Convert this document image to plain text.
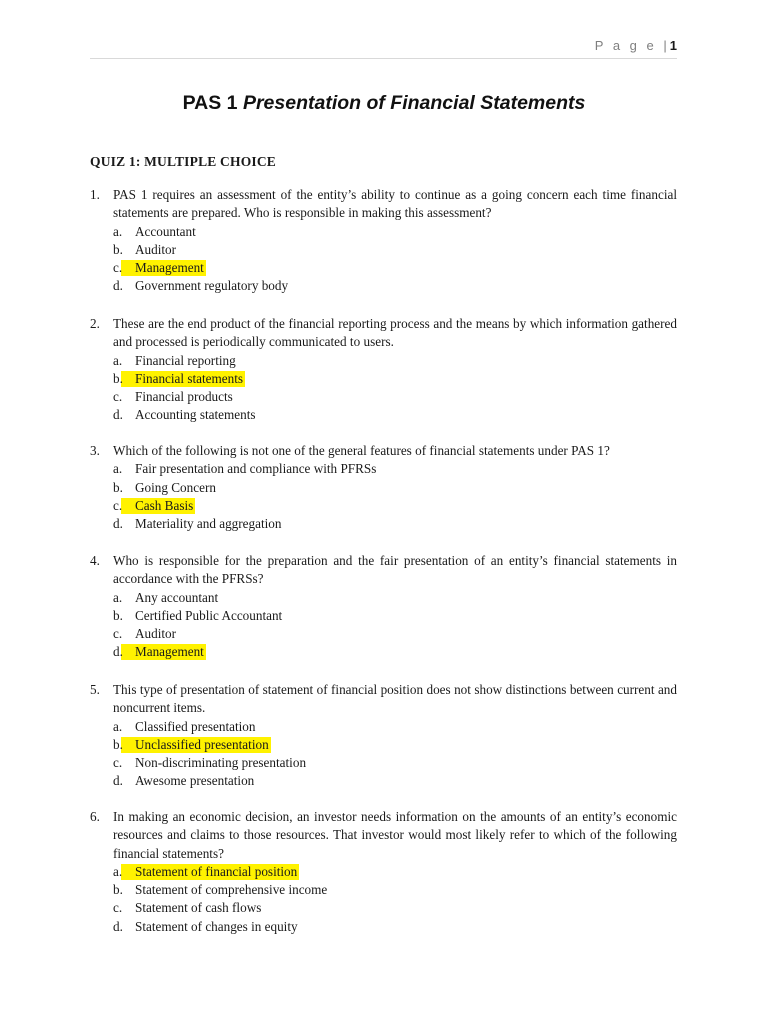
P a g e |1
PAS 1 Presentation of Financial Statements
QUIZ 1: MULTIPLE CHOICE
1. PAS 1 requires an assessment of the entity’s ability to continue as a going concern each time financial statements are prepared. Who is responsible in making this assessment?
a. Accountant
b. Auditor
c. Management
d. Government regulatory body
2. These are the end product of the financial reporting process and the means by which information gathered and processed is periodically communicated to users.
a. Financial reporting
b. Financial statements
c. Financial products
d. Accounting statements
3. Which of the following is not one of the general features of financial statements under PAS 1?
a. Fair presentation and compliance with PFRSs
b. Going Concern
c. Cash Basis
d. Materiality and aggregation
4. Who is responsible for the preparation and the fair presentation of an entity’s financial statements in accordance with the PFRSs?
a. Any accountant
b. Certified Public Accountant
c. Auditor
d. Management
5. This type of presentation of statement of financial position does not show distinctions between current and noncurrent items.
a. Classified presentation
b. Unclassified presentation
c. Non-discriminating presentation
d. Awesome presentation
6. In making an economic decision, an investor needs information on the amounts of an entity’s economic resources and claims to those resources. That investor would most likely refer to which of the following financial statements?
a. Statement of financial position
b. Statement of comprehensive income
c. Statement of cash flows
d. Statement of changes in equity
